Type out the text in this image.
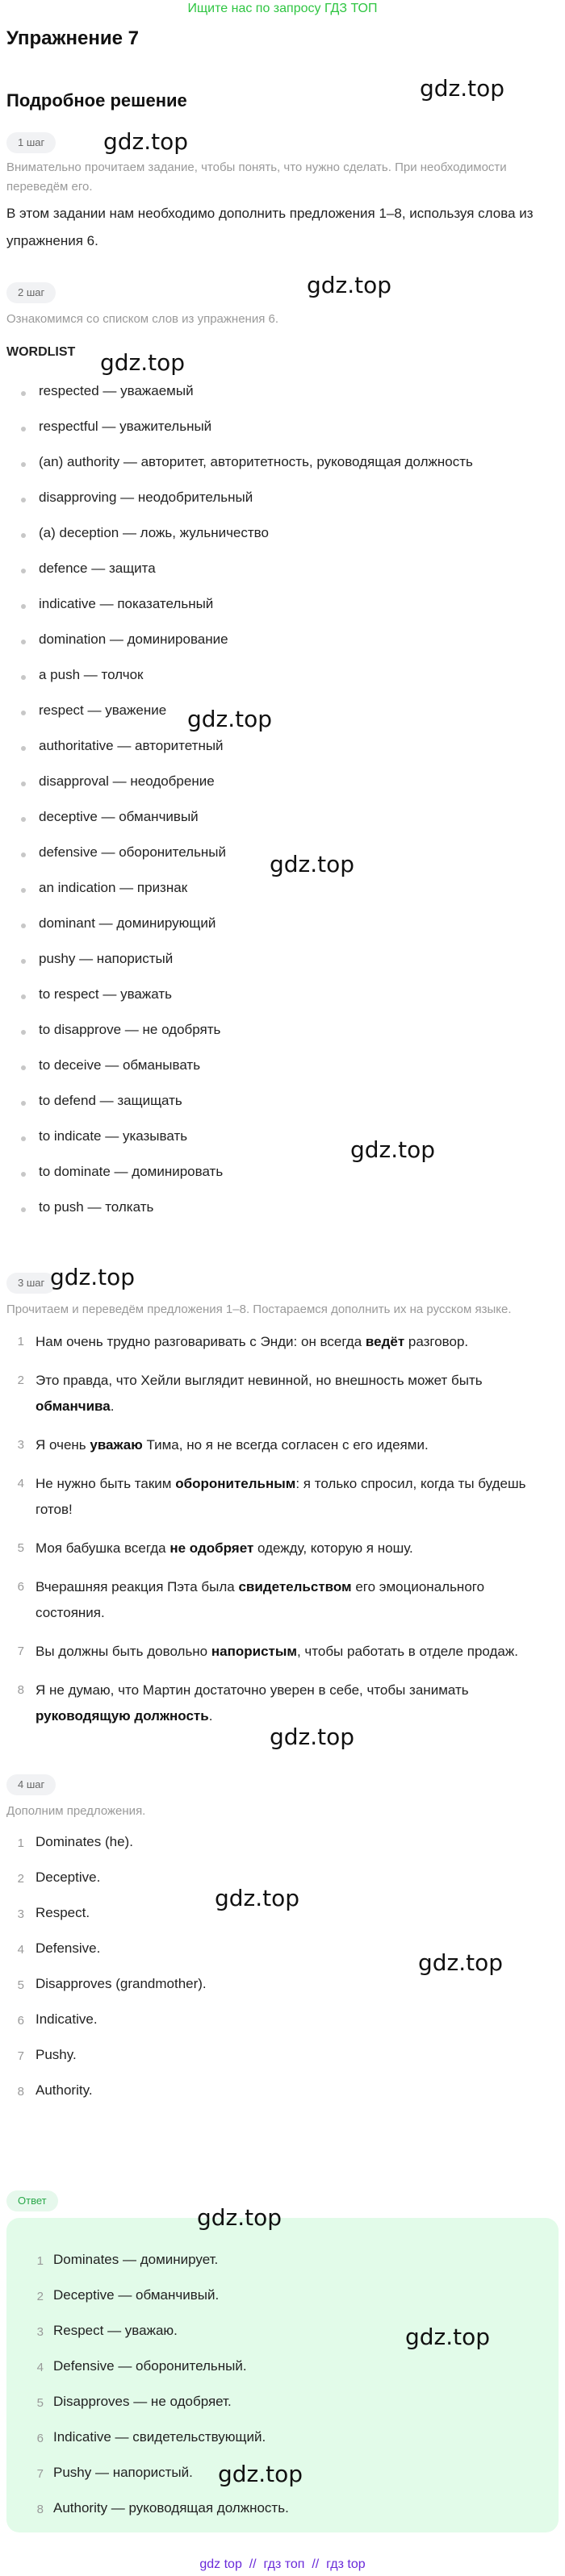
Ищите нас по запросу ГДЗ ТОП
Упражнение 7
Подробное решение
1 шаг
Внимательно прочитаем задание, чтобы понять, что нужно сделать. При необходимости переведём его.
В этом задании нам необходимо дополнить предложения 1–8, используя слова из упражнения 6.
2 шаг
Ознакомимся со списком слов из упражнения 6.
WORDLIST
respected — уважаемый
respectful — уважительный
(an) authority — авторитет, авторитетность, руководящая должность
disapproving — неодобрительный
(a) deception — ложь, жульничество
defence — защита
indicative — показательный
domination — доминирование
a push — толчок
respect — уважение
authoritative — авторитетный
disapproval — неодобрение
deceptive — обманчивый
defensive — оборонительный
an indication — признак
dominant — доминирующий
pushy — напористый
to respect — уважать
to disapprove — не одобрять
to deceive — обманывать
to defend — защищать
to indicate — указывать
to dominate — доминировать
to push — толкать
3 шаг
Прочитаем и переведём предложения 1–8. Постараемся дополнить их на русском языке.
1 Нам очень трудно разговаривать с Энди: он всегда ведёт разговор.
2 Это правда, что Хейли выглядит невинной, но внешность может быть обманчива.
3 Я очень уважаю Тима, но я не всегда согласен с его идеями.
4 Не нужно быть таким оборонительным: я только спросил, когда ты будешь готов!
5 Моя бабушка всегда не одобряет одежду, которую я ношу.
6 Вчерашняя реакция Пэта была свидетельством его эмоционального состояния.
7 Вы должны быть довольно напористым, чтобы работать в отделе продаж.
8 Я не думаю, что Мартин достаточно уверен в себе, чтобы занимать руководящую должность.
4 шаг
Дополним предложения.
1 Dominates (he).
2 Deceptive.
3 Respect.
4 Defensive.
5 Disapproves (grandmother).
6 Indicative.
7 Pushy.
8 Authority.
Ответ
1 Dominates — доминирует.
2 Deceptive — обманчивый.
3 Respect — уважаю.
4 Defensive — оборонительный.
5 Disapproves — не одобряет.
6 Indicative — свидетельствующий.
7 Pushy — напористый.
8 Authority — руководящая должность.
gdz.top
gdz.top
gdz.top
gdz.top
gdz.top
gdz.top
gdz.top
gdz.top
gdz.top
gdz.top
gdz.top
gdz.top
gdz.top
gdz.top
gdz top // гдз топ // гдз top
